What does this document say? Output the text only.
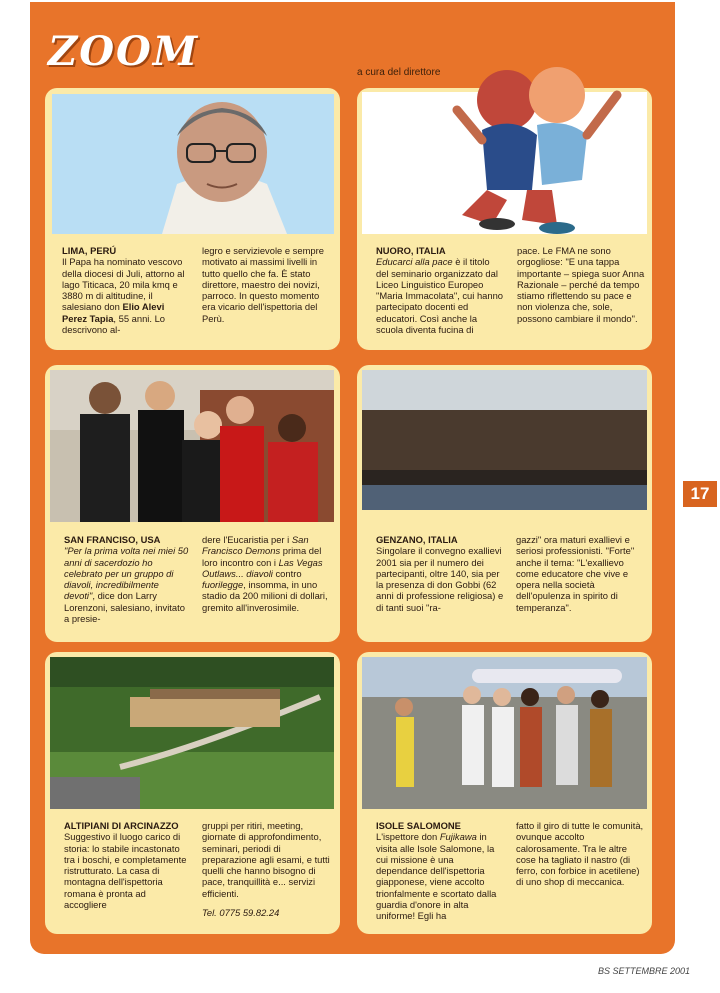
ZOOM	a cura del direttore
LIMA, PERÚ
Il Papa ha nominato vescovo della diocesi di Juli, attorno al lago Titicaca, 20 mila kmq e 3880 m di altitudine, il salesiano don Elio Alevi Perez Tapia, 55 anni. Lo descrivono al-
legro e servizievole e sempre motivato ai massimi livelli in tutto quello che fa. È stato direttore, maestro dei novizi, parroco. In questo momento era vicario dell'ispettoria del Perù.
NUORO, ITALIA
Educarci alla pace è il titolo del seminario organizzato dal Liceo Linguistico Europeo "Maria Immacolata", cui hanno partecipato docenti ed educatori. Così anche la scuola diventa fucina di
pace. Le FMA ne sono orgogliose: "E una tappa importante – spiega suor Anna Razionale – perché da tempo stiamo riflettendo su pace e non violenza che, sole, possono cambiare il mondo".
SAN FRANCISO, USA
"Per la prima volta nei miei 50 anni di sacerdozio ho celebrato per un gruppo di diavoli, incredibilmente devoti", dice don Larry Lorenzoni, salesiano, invitato a presie-
dere l'Eucaristia per i San Francisco Demons prima del loro incontro con i Las Vegas Outlaws... diavoli contro fuorilegge, insomma, in uno stadio da 200 milioni di dollari, gremito all'inverosimile.
GENZANO, ITALIA
Singolare il convegno exallievi 2001 sia per il numero dei partecipanti, oltre 140, sia per la presenza di don Gobbi (62 anni di professione religiosa) e di tanti suoi "ra-
gazzi" ora maturi exallievi e seriosi professionisti. "Forte" anche il tema: "L'exallievo come educatore che vive e opera nella società dell'opulenza in spirito di temperanza".
ALTIPIANI DI ARCINAZZO
Suggestivo il luogo carico di storia: lo stabile incastonato tra i boschi, e completamente ristrutturato. La casa di montagna dell'ispettoria romana è pronta ad accogliere
gruppi per ritiri, meeting, giornate di approfondimento, seminari, periodi di preparazione agli esami, e tutti quelli che hanno bisogno di pace, tranquillità e... servizi efficienti.

Tel. 0775 59.82.24

ISOLE SALOMONE
L'ispettore don Fujikawa in visita alle Isole Salomone, la cui missione è una dependance dell'ispettoria giapponese, viene accolto trionfalmente e scortato dalla guardia d'onore in alta uniforme! Egli ha
fatto il giro di tutte le comunità, ovunque accolto calorosamente. Tra le altre cose ha tagliato il nastro (di ferro, con forbice in acetilene) di uno shop di meccanica.
17
BS SETTEMBRE 2001
